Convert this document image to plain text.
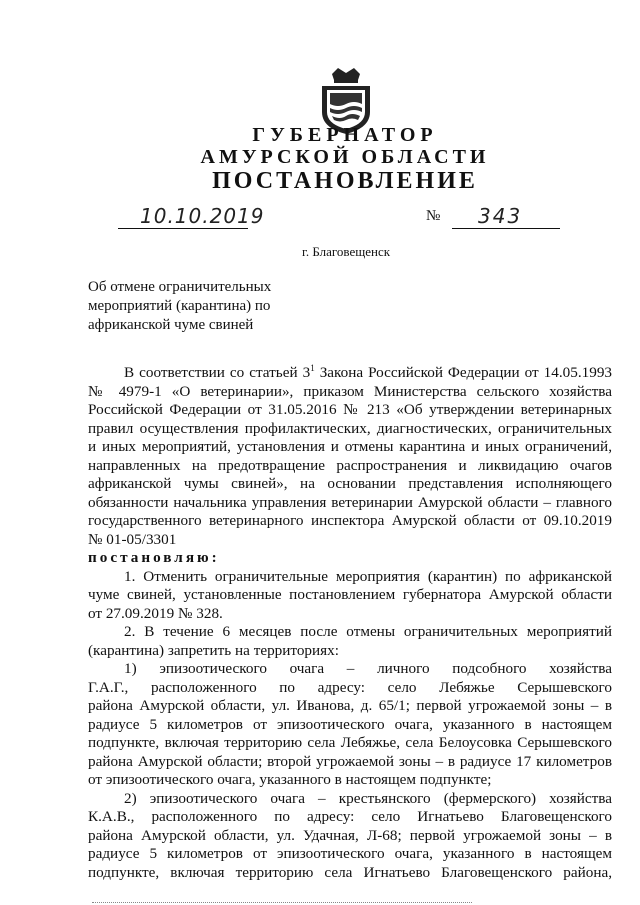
ГУБЕРНАТОР
АМУРСКОЙ ОБЛАСТИ
ПОСТАНОВЛЕНИЕ
10.10.2019	№ 343
г. Благовещенск
Об отмене ограничительных
мероприятий (карантина) по
африканской чуме свиней
В соответствии со статьей $3^1$ Закона Российской Федерации от 14.05.1993
№ 4979-1 «О ветеринарии», приказом Министерства сельского хозяйства
Российской Федерации от 31.05.2016 № 213 «Об утверждении ветеринарных
правил осуществления профилактических, диагностических, ограничительных
и иных мероприятий, установления и отмены карантина и иных ограничений,
направленных на предотвращение распространения и ликвидацию очагов
африканской чумы свиней», на основании представления исполняющего
обязанности начальника управления ветеринарии Амурской области – главного
государственного ветеринарного инспектора Амурской области от 09.10.2019
№ 01-05/3301
постановляю:
1. Отменить ограничительные мероприятия (карантин) по африканской
чуме свиней, установленные постановлением губернатора Амурской области
от 27.09.2019 № 328.
2. В течение 6 месяцев после отмены ограничительных мероприятий
(карантина) запретить на территориях:
1) эпизоотического очага – личного подсобного хозяйства
Г.А.Г., расположенного по адресу: село Лебяжье Серышевского
района Амурской области, ул. Иванова, д. 65/1; первой угрожаемой зоны – в
радиусе 5 километров от эпизоотического очага, указанного в настоящем
подпункте, включая территорию села Лебяжье, села Белоусовка Серышевского
района Амурской области; второй угрожаемой зоны – в радиусе 17 километров
от эпизоотического очага, указанного в настоящем подпункте;
2) эпизоотического очага – крестьянского (фермерского) хозяйства
К.А.В., расположенного по адресу: село Игнатьево Благовещенского
района Амурской области, ул. Удачная, Л-68; первой угрожаемой зоны – в
радиусе 5 километров от эпизоотического очага, указанного в настоящем
подпункте, включая территорию села Игнатьево Благовещенского района,
